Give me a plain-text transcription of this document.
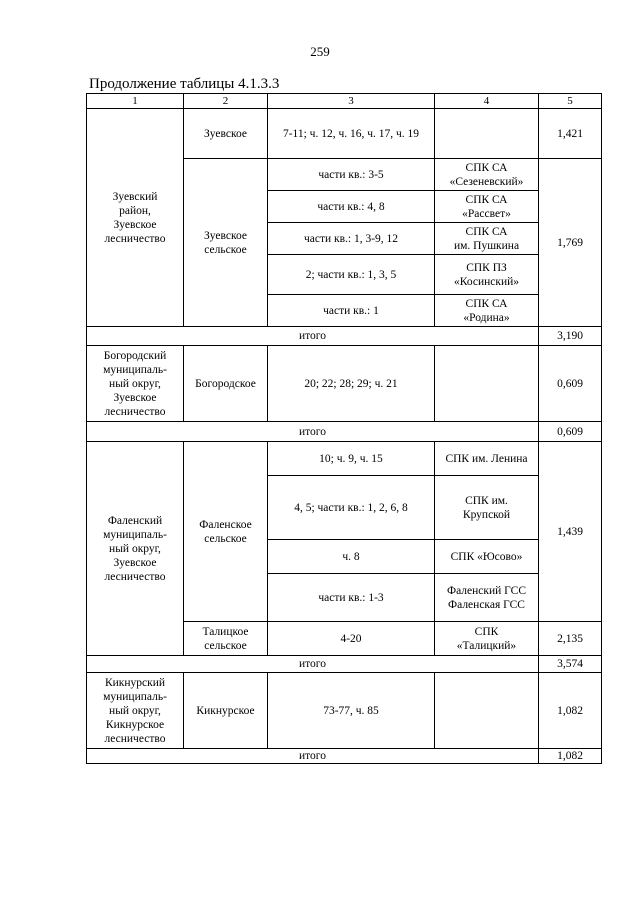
259
Продолжение таблицы 4.1.3.3
1	2	3	4	5

Зуевский
район,
Зуевское
лесничество	Зуевское	7-11; ч. 12, ч. 16, ч. 17, ч. 19		1,421

	Зуевское
сельское	части кв.: 3-5	СПК СА
«Сезеневский»	1,769
		части кв.: 4, 8	СПК СА
«Рассвет»	

		части кв.: 1, 3-9, 12	СПК СА
им. Пушкина	

		2; части кв.: 1, 3, 5	СПК ПЗ
«Косинский»	

		части кв.: 1	СПК СА
«Родина»	

итого				3,190

Богородский
муниципаль-
ный округ,
Зуевское
лесничество	Богородское	20; 22; 28; 29; ч. 21		0,609
итого				0,609

Фаленский
муниципаль-
ный округ,
Зуевское
лесничество	Фаленское
сельское	10; ч. 9, ч. 15	СПК им. Ленина	1,439
		4, 5; части кв.: 1, 2, 6, 8	СПК им.
Крупской	

		ч. 8	СПК «Юсово»	

		части кв.: 1-3	Фаленский ГСС
Фаленская ГСС	

	Талицкое
сельское	4-20	СПК
«Талицкий»	2,135
итого				3,574

Кикнурский
муниципаль-
ный округ,
Кикнурское
лесничество	Кикнурское	73-77, ч. 85		1,082
итого				1,082
